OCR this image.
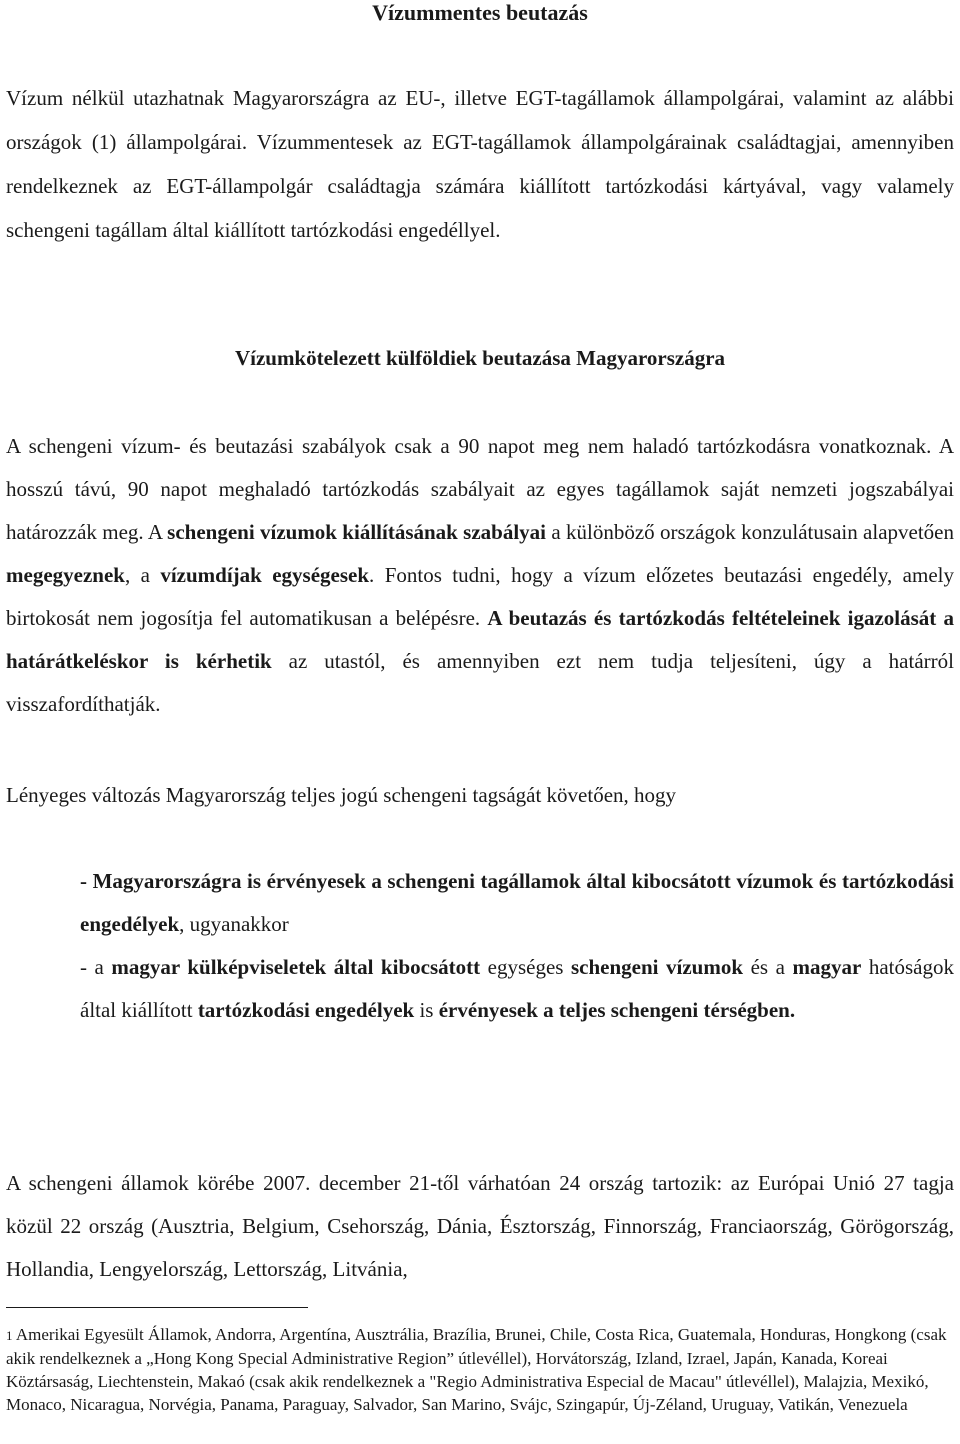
Vízummentes beutazás
Vízum nélkül utazhatnak Magyarországra az EU-, illetve EGT-tagállamok állampolgárai, valamint az alábbi országok (1) állampolgárai. Vízummentesek az EGT-tagállamok állampolgárainak családtagjai, amennyiben rendelkeznek az EGT-állampolgár családtagja számára kiállított tartózkodási kártyával, vagy valamely schengeni tagállam által kiállított tartózkodási engedéllyel.
Vízumkötelezett külföldiek beutazása Magyarországra
A schengeni vízum- és beutazási szabályok csak a 90 napot meg nem haladó tartózkodásra vonatkoznak. A hosszú távú, 90 napot meghaladó tartózkodás szabályait az egyes tagállamok saját nemzeti jogszabályai határozzák meg. A schengeni vízumok kiállításának szabályai a különböző országok konzulátusain alapvetően megegyeznek, a vízumdíjak egységesek. Fontos tudni, hogy a vízum előzetes beutazási engedély, amely birtokosát nem jogosítja fel automatikusan a belépésre. A beutazás és tartózkodás feltételeinek igazolását a határátkeléskor is kérhetik az utastól, és amennyiben ezt nem tudja teljesíteni, úgy a határról visszafordíthatják.
Lényeges változás Magyarország teljes jogú schengeni tagságát követően, hogy
- Magyarországra is érvényesek a schengeni tagállamok által kibocsátott vízumok és tartózkodási engedélyek, ugyanakkor
- a magyar külképviseletek által kibocsátott egységes schengeni vízumok és a magyar hatóságok által kiállított tartózkodási engedélyek is érvényesek a teljes schengeni térségben.
A schengeni államok körébe 2007. december 21-től várhatóan 24 ország tartozik: az Európai Unió 27 tagja közül 22 ország (Ausztria, Belgium, Csehország, Dánia, Észtország, Finnország, Franciaország, Görögország, Hollandia, Lengyelország, Lettország, Litvánia,
1 Amerikai Egyesült Államok, Andorra, Argentína, Ausztrália, Brazília, Brunei, Chile, Costa Rica, Guatemala, Honduras, Hongkong (csak akik rendelkeznek a „Hong Kong Special Administrative Region” útlevéllel), Horvátország, Izland, Izrael, Japán, Kanada, Koreai Köztársaság, Liechtenstein, Makaó (csak akik rendelkeznek a "Regio Administrativa Especial de Macau" útlevéllel), Malajzia, Mexikó, Monaco, Nicaragua, Norvégia, Panama, Paraguay, Salvador, San Marino, Svájc, Szingapúr, Új-Zéland, Uruguay, Vatikán, Venezuela
